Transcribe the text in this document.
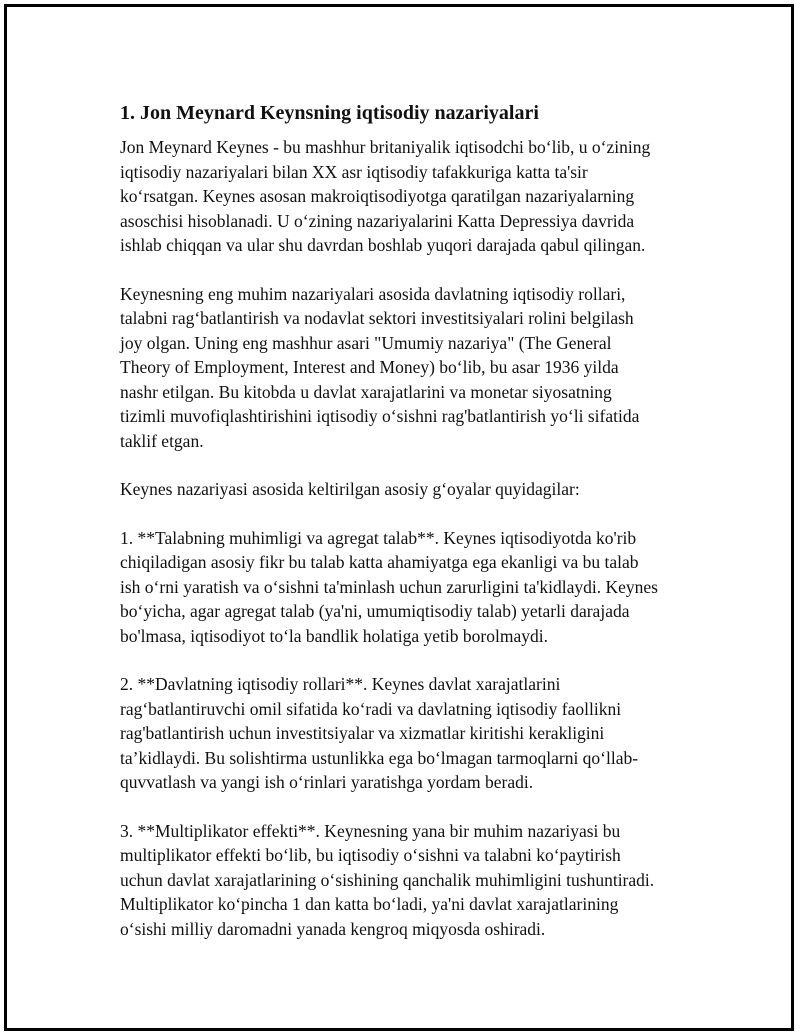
1. Jon Meynard Keynsning iqtisodiy nazariyalari

Jon Meynard Keynes - bu mashhur britaniyalik iqtisodchi bo‘lib, u o‘zining
iqtisodiy nazariyalari bilan XX asr iqtisodiy tafakkuriga katta ta'sir
ko‘rsatgan. Keynes asosan makroiqtisodiyotga qaratilgan nazariyalarning
asoschisi hisoblanadi. U o‘zining nazariyalarini Katta Depressiya davrida
ishlab chiqqan va ular shu davrdan boshlab yuqori darajada qabul qilingan.

Keynesning eng muhim nazariyalari asosida davlatning iqtisodiy rollari,
talabni rag‘batlantirish va nodavlat sektori investitsiyalari rolini belgilash
joy olgan. Uning eng mashhur asari "Umumiy nazariya" (The General
Theory of Employment, Interest and Money) bo‘lib, bu asar 1936 yilda
nashr etilgan. Bu kitobda u davlat xarajatlarini va monetar siyosatning
tizimli muvofiqlashtirishini iqtisodiy o‘sishni rag'batlantirish yo‘li sifatida
taklif etgan.

Keynes nazariyasi asosida keltirilgan asosiy g‘oyalar quyidagilar:

1. **Talabning muhimligi va agregat talab**. Keynes iqtisodiyotda ko'rib
chiqiladigan asosiy fikr bu talab katta ahamiyatga ega ekanligi va bu talab
ish o‘rni yaratish va o‘sishni ta'minlash uchun zarurligini ta'kidlaydi. Keynes
bo‘yicha, agar agregat talab (ya'ni, umumiqtisodiy talab) yetarli darajada
bo'lmasa, iqtisodiyot to‘la bandlik holatiga yetib borolmaydi.

2. **Davlatning iqtisodiy rollari**. Keynes davlat xarajatlarini
rag‘batlantiruvchi omil sifatida ko‘radi va davlatning iqtisodiy faollikni
rag'batlantirish uchun investitsiyalar va xizmatlar kiritishi kerakligini
ta’kidlaydi. Bu solishtirma ustunlikka ega bo‘lmagan tarmoqlarni qo‘llab-
quvvatlash va yangi ish o‘rinlari yaratishga yordam beradi.

3. **Multiplikator effekti**. Keynesning yana bir muhim nazariyasi bu
multiplikator effekti bo‘lib, bu iqtisodiy o‘sishni va talabni ko‘paytirish
uchun davlat xarajatlarining o‘sishining qanchalik muhimligini tushuntiradi.
Multiplikator ko‘pincha 1 dan katta bo‘ladi, ya'ni davlat xarajatlarining
o‘sishi milliy daromadni yanada kengroq miqyosda oshiradi.
